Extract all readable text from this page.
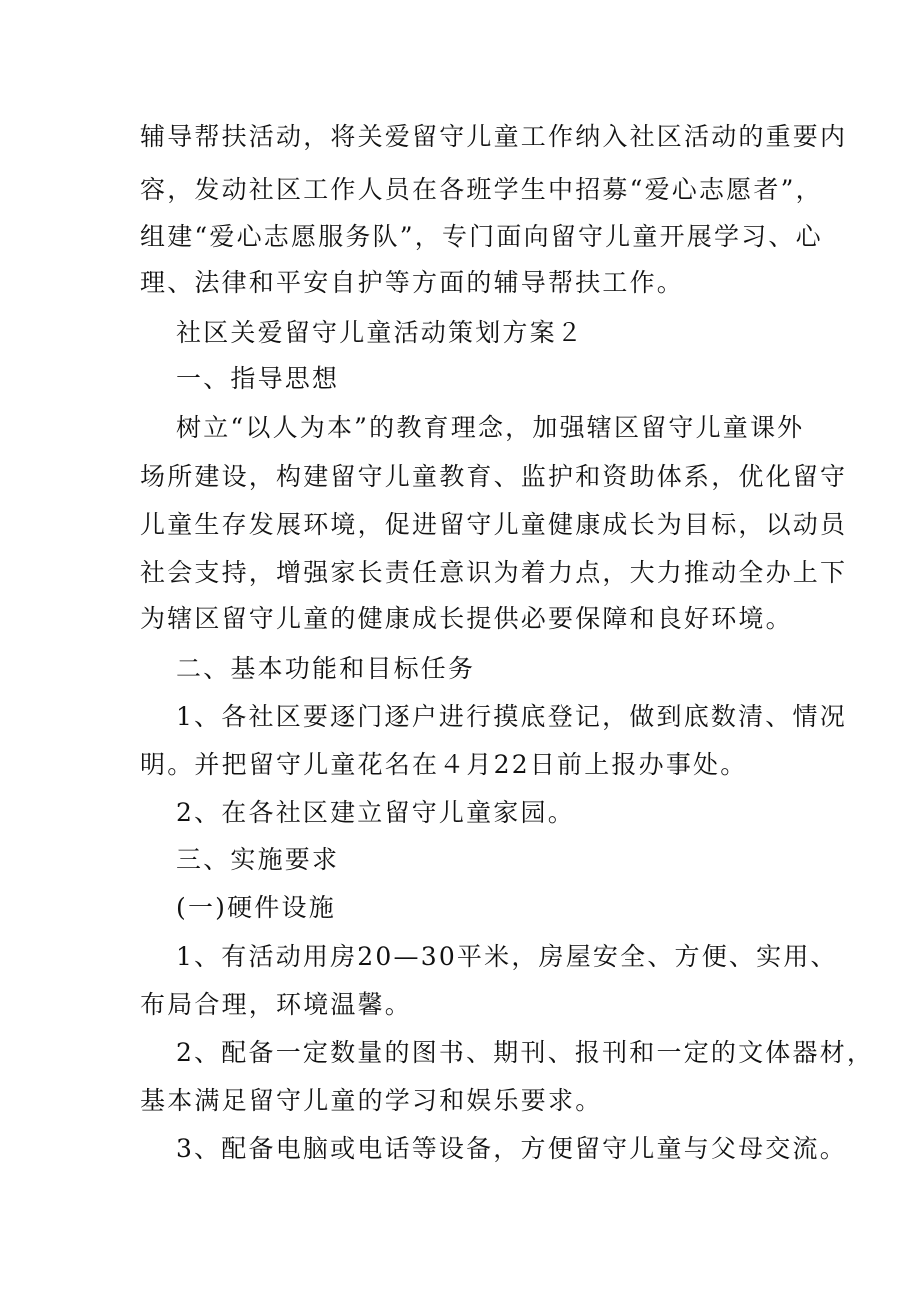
辅导帮扶活动，将关爱留守儿童工作纳入社区活动的重要内
容，发动社区工作人员在各班学生中招募“爱心志愿者”，
组建“爱心志愿服务队”，专门面向留守儿童开展学习、心
理、法律和平安自护等方面的辅导帮扶工作。
社区关爱留守儿童活动策划方案２
一、指导思想
树立“以人为本”的教育理念，加强辖区留守儿童课外
场所建设，构建留守儿童教育、监护和资助体系，优化留守
儿童生存发展环境，促进留守儿童健康成长为目标，以动员
社会支持，增强家长责任意识为着力点，大力推动全办上下
为辖区留守儿童的健康成长提供必要保障和良好环境。
二、基本功能和目标任务
1、各社区要逐门逐户进行摸底登记，做到底数清、情况
明。并把留守儿童花名在４月22日前上报办事处。
2、在各社区建立留守儿童家园。
三、实施要求
(一)硬件设施
1、有活动用房20—30平米，房屋安全、方便、实用、
布局合理，环境温馨。
2、配备一定数量的图书、期刊、报刊和一定的文体器材，
基本满足留守儿童的学习和娱乐要求。
3、配备电脑或电话等设备，方便留守儿童与父母交流。
